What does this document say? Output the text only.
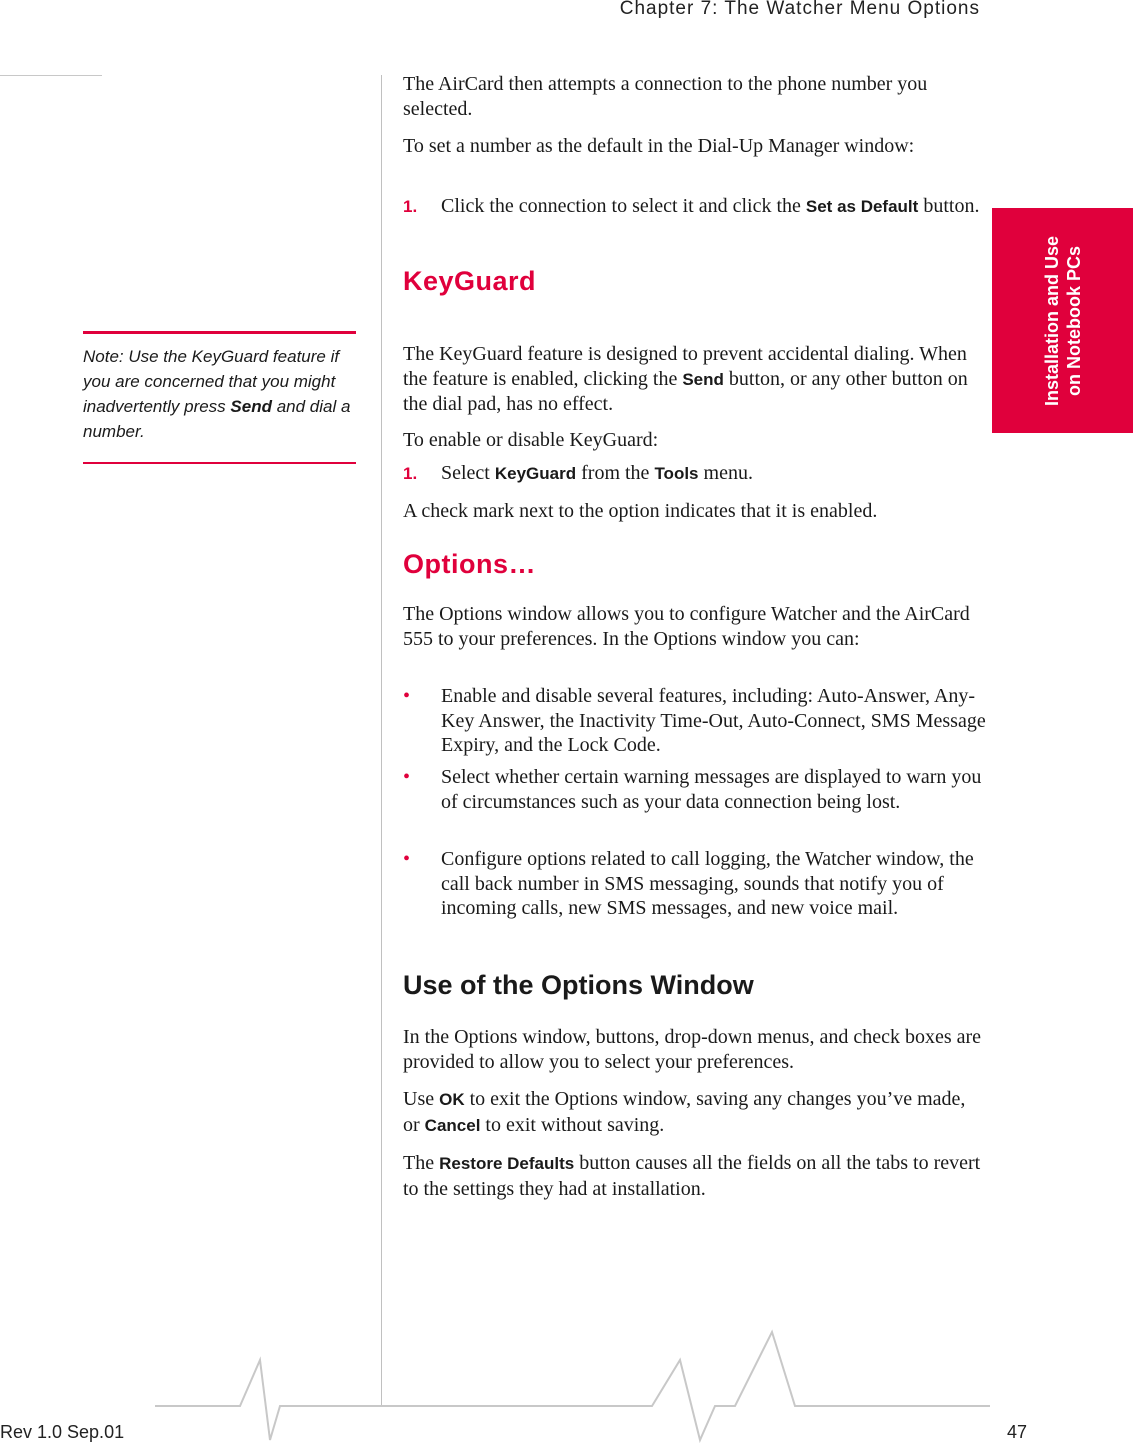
Chapter 7: The Watcher Menu Options
Installation and Use on Notebook PCs
Note: Use the KeyGuard feature if you are concerned that you might inadvertently press Send and dial a number.

The AirCard then attempts a connection to the phone number you selected.

To set a number as the default in the Dial-Up Manager window:

1. Click the connection to select it and click the Set as Default button.

KeyGuard

The KeyGuard feature is designed to prevent accidental dialing. When the feature is enabled, clicking the Send button, or any other button on the dial pad, has no effect.

To enable or disable KeyGuard:

1. Select KeyGuard from the Tools menu.

A check mark next to the option indicates that it is enabled.

Options…

The Options window allows you to configure Watcher and the AirCard 555 to your preferences. In the Options window you can:

• Enable and disable several features, including: Auto-Answer, Any-Key Answer, the Inactivity Time-Out, Auto-Connect, SMS Message Expiry, and the Lock Code.

• Select whether certain warning messages are displayed to warn you of circumstances such as your data connection being lost.

• Configure options related to call logging, the Watcher window, the call back number in SMS messaging, sounds that notify you of incoming calls, new SMS messages, and new voice mail.

Use of the Options Window

In the Options window, buttons, drop-down menus, and check boxes are provided to allow you to select your preferences.

Use OK to exit the Options window, saving any changes you’ve made, or Cancel to exit without saving.

The Restore Defaults button causes all the fields on all the tabs to revert to the settings they had at installation.

Rev 1.0 Sep.01	47
